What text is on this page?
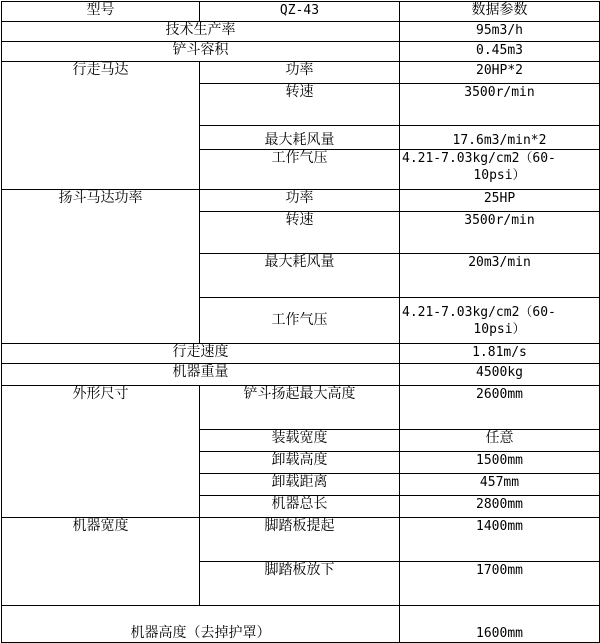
型号	QZ-43	数据参数
技术生产率		95m3/h
铲斗容积		0.45m3
行走马达	功率	20HP*2
	转速	3500r/min
	最大耗风量	17.6m3/min*2
	工作气压	4.21-7.03kg/cm2（60-
10psi）

扬斗马达功率	功率	25HP
	转速	3500r/min
	最大耗风量	20m3/min
	工作气压	4.21-7.03kg/cm2（60-
10psi）

行走速度		1.81m/s
机器重量		4500kg
外形尺寸	铲斗扬起最大高度	2600mm
	装载宽度	任意
	卸载高度	1500mm
	卸载距离	457mm
	机器总长	2800mm
机器宽度	脚踏板提起	1400mm
	脚踏板放下	1700mm
机器高度（去掉护罩）		1600mm
